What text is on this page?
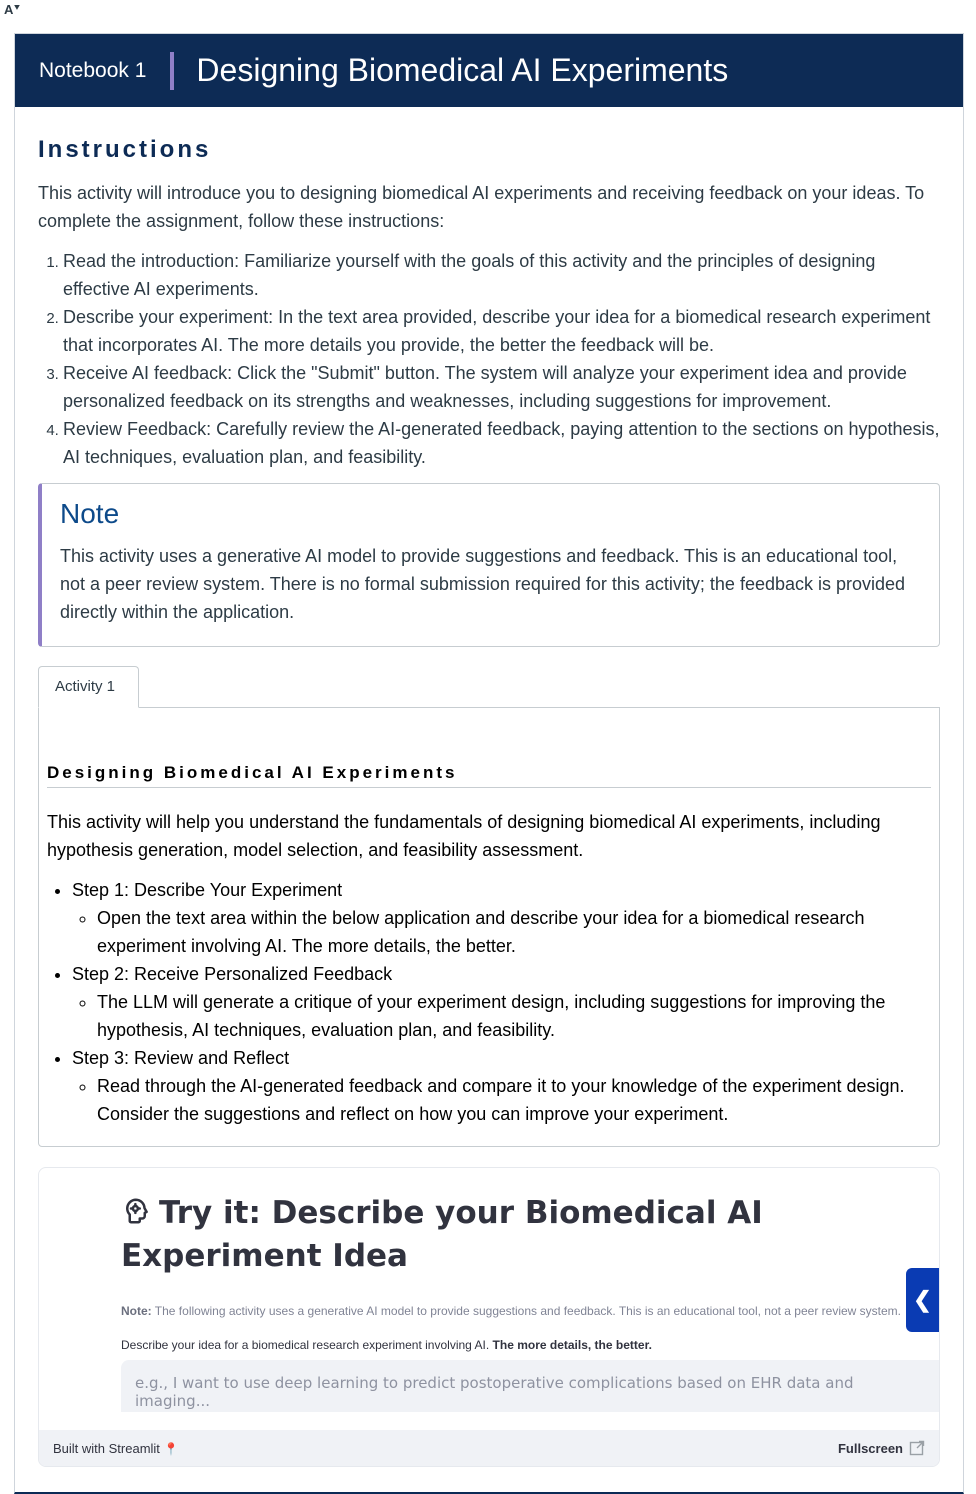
A⯆
Notebook 1 Designing Biomedical AI Experiments
Instructions

This activity will introduce you to designing biomedical AI experiments and receiving feedback on your ideas. To complete the assignment, follow these instructions:

1. Read the introduction: Familiarize yourself with the goals of this activity and the principles of designing effective AI experiments.
2. Describe your experiment: In the text area provided, describe your idea for a biomedical research experiment that incorporates AI. The more details you provide, the better the feedback will be.
3. Receive AI feedback: Click the "Submit" button. The system will analyze your experiment idea and provide personalized feedback on its strengths and weaknesses, including suggestions for improvement.
4. Review Feedback: Carefully review the AI-generated feedback, paying attention to the sections on hypothesis, AI techniques, evaluation plan, and feasibility.
Note

This activity uses a generative AI model to provide suggestions and feedback. This is an educational tool, not a peer review system. There is no formal submission required for this activity; the feedback is provided directly within the application.

Activity 1
Designing Biomedical AI Experiments

This activity will help you understand the fundamentals of designing biomedical AI experiments, including hypothesis generation, model selection, and feasibility assessment.

• Step 1: Describe Your Experiment
◦ Open the text area within the below application and describe your idea for a biomedical research experiment involving AI. The more details, the better.
• Step 2: Receive Personalized Feedback
◦ The LLM will generate a critique of your experiment design, including suggestions for improving the hypothesis, AI techniques, evaluation plan, and feasibility.
• Step 3: Review and Reflect
◦ Read through the AI-generated feedback and compare it to your knowledge of the experiment design. Consider the suggestions and reflect on how you can improve your experiment.
Try it: Describe your Biomedical AI Experiment Idea
Note: The following activity uses a generative AI model to provide suggestions and feedback. This is an educational tool, not a peer review system.
Describe your idea for a biomedical research experiment involving AI. The more details, the better.
e.g., I want to use deep learning to predict postoperative complications based on EHR data and imaging...
❮
Built with Streamlit 📍	Fullscreen
